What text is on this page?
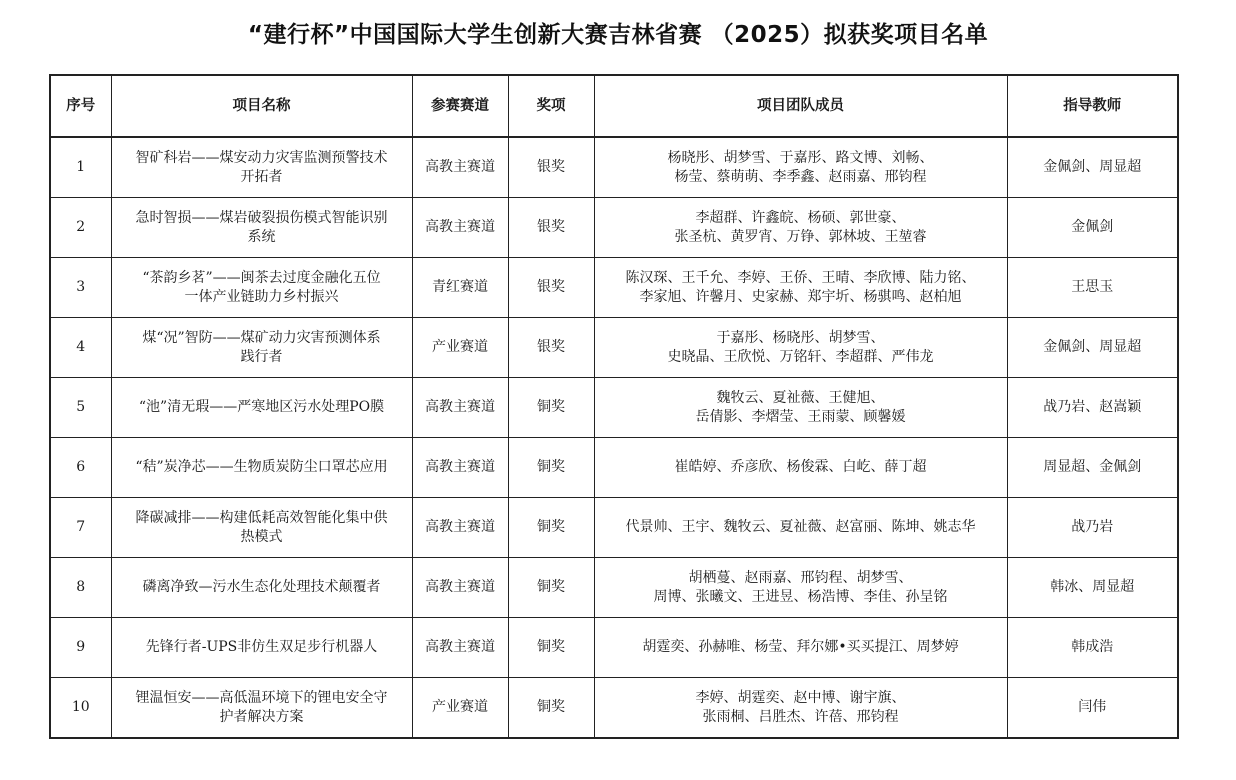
“建行杯”中国国际大学生创新大赛吉林省赛 （2025）拟获奖项目名单
序号	项目名称	参赛赛道	奖项	项目团队成员	指导教师

1	智矿科岩——煤安动力灾害监测预警技术
开拓者	高教主赛道	银奖	杨晓彤、胡梦雪、于嘉彤、路文博、刘畅、
杨莹、蔡萌萌、李季鑫、赵雨嘉、邢钧程	金佩剑、周显超

2	急时智损——煤岩破裂损伤模式智能识别
系统	高教主赛道	银奖	李超群、许鑫皖、杨硕、郭世豪、
张圣杭、黄罗宵、万铮、郭林坡、王堃睿	金佩剑

3	“茶韵乡茗”——闽茶去过度金融化五位
一体产业链助力乡村振兴	青红赛道	银奖	陈汉琛、王千允、李婷、王侨、王晴、李欣博、陆力铭、
李家旭、许馨月、史家赫、郑宇圻、杨骐鸣、赵柏旭	王思玉

4	煤“况”智防——煤矿动力灾害预测体系
践行者	产业赛道	银奖	于嘉彤、杨晓彤、胡梦雪、
史晓晶、王欣悦、万铭轩、李超群、严伟龙	金佩剑、周显超

5	“池”清无瑕——严寒地区污水处理PO膜	高教主赛道	铜奖	魏牧云、夏祉薇、王健旭、
岳倩影、李熠莹、王雨蒙、顾馨媛	战乃岩、赵嵩颖

6	“秸”炭净芯——生物质炭防尘口罩芯应用	高教主赛道	铜奖	崔皓婷、乔彦欣、杨俊霖、白屹、薛丁超	周显超、金佩剑

7	降碳减排——构建低耗高效智能化集中供
热模式	高教主赛道	铜奖	代景帅、王宇、魏牧云、夏祉薇、赵富丽、陈坤、姚志华	战乃岩

8	磷离净致—污水生态化处理技术颠覆者	高教主赛道	铜奖	胡栖蔓、赵雨嘉、邢钧程、胡梦雪、
周博、张曦文、王进昱、杨浩博、李佳、孙呈铭	韩冰、周显超

9	先锋行者-UPS非仿生双足步行机器人	高教主赛道	铜奖	胡霆奕、孙赫唯、杨莹、拜尔娜•买买提江、周梦婷	韩成浩

10	锂温恒安——高低温环境下的锂电安全守
护者解决方案	产业赛道	铜奖	李婷、胡霆奕、赵中博、谢宇旗、
张雨桐、吕胜杰、许蓓、邢钧程	闫伟
